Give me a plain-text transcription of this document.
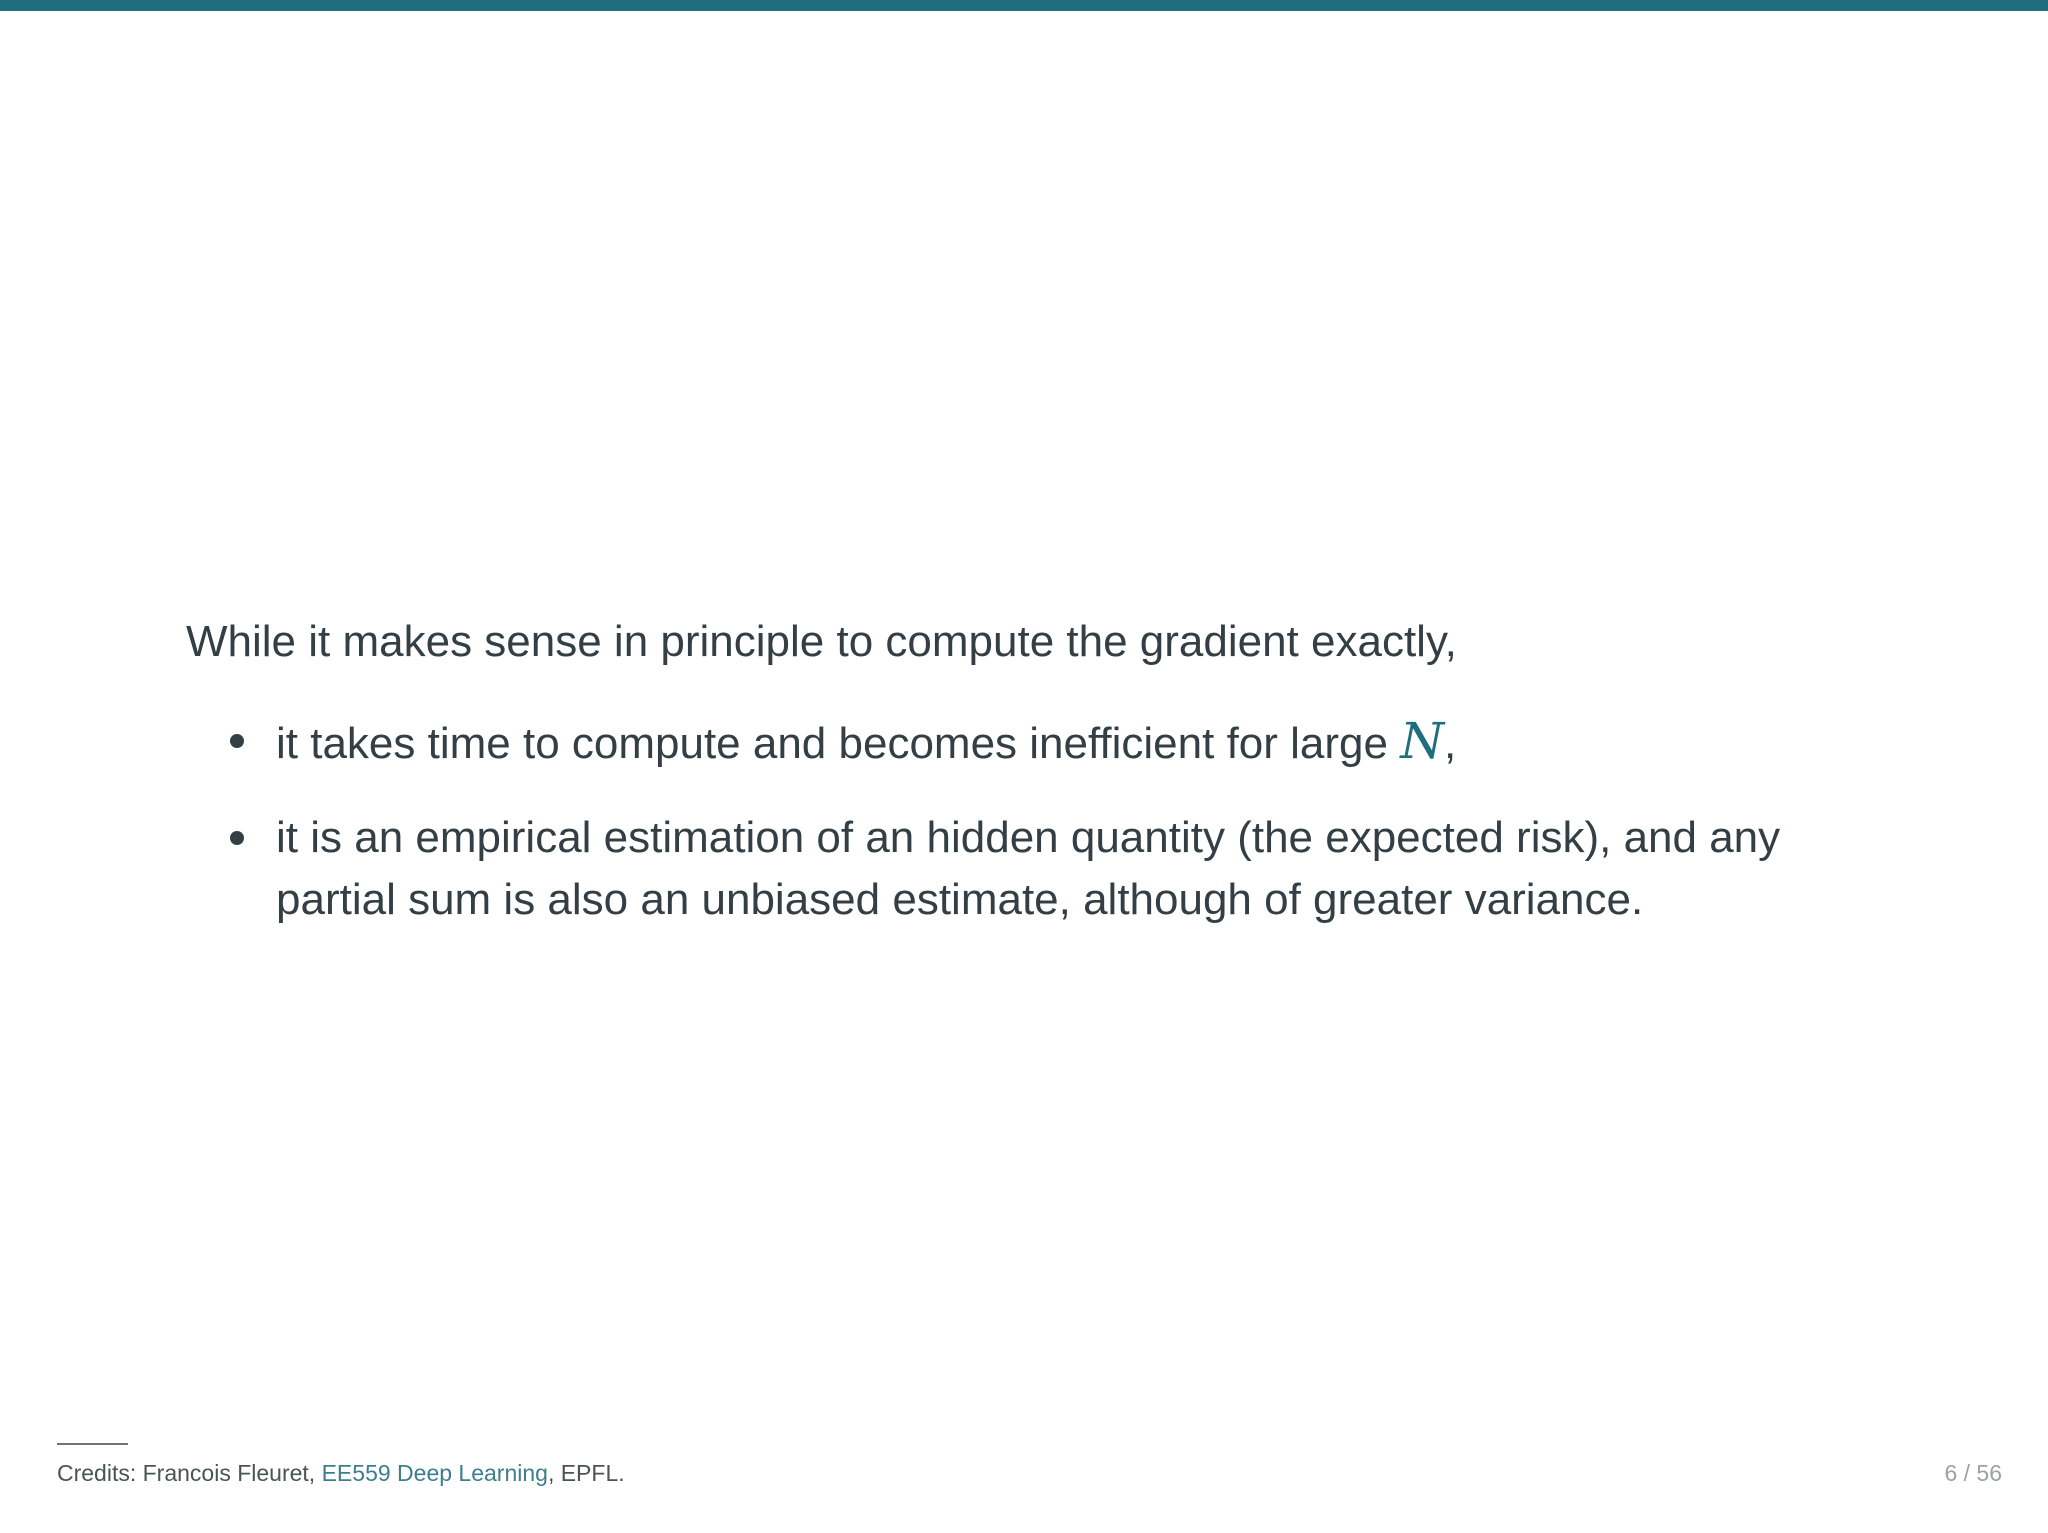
While it makes sense in principle to compute the gradient exactly,

it takes time to compute and becomes inefficient for large N,
it is an empirical estimation of an hidden quantity (the expected risk), and any partial sum is also an unbiased estimate, although of greater variance.
Credits: Francois Fleuret, EE559 Deep Learning, EPFL.	6 / 56
